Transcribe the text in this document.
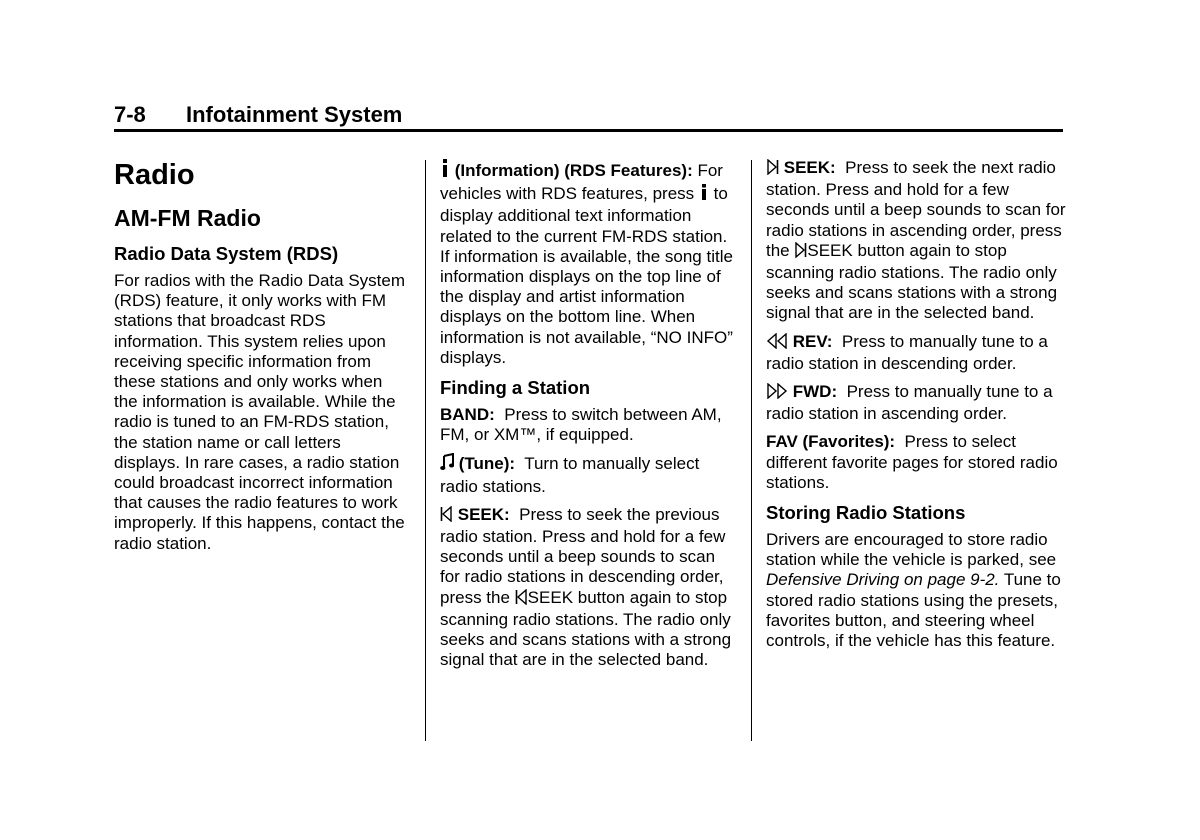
7-8 Infotainment System
Radio
AM-FM Radio
Radio Data System (RDS)

For radios with the Radio Data System (RDS) feature, it only works with FM stations that broadcast RDS information. This system relies upon receiving specific information from these stations and only works when the information is available. While the radio is tuned to an FM-RDS station, the station name or call letters displays. In rare cases, a radio station could broadcast incorrect information that causes the radio features to work improperly. If this happens, contact the radio station.

(Information) (RDS Features): For vehicles with RDS features, press to display additional text information related to the current FM-RDS station. If information is available, the song title information displays on the top line of the display and artist information displays on the bottom line. When information is not available, “NO INFO” displays.

Finding a Station

BAND: Press to switch between AM, FM, or XM™, if equipped.

(Tune): Turn to manually select radio stations.

SEEK: Press to seek the previous radio station. Press and hold for a few seconds until a beep sounds to scan for radio stations in descending order, press the SEEK button again to stop scanning radio stations. The radio only seeks and scans stations with a strong signal that are in the selected band.

SEEK: Press to seek the next radio station. Press and hold for a few seconds until a beep sounds to scan for radio stations in ascending order, press the SEEK button again to stop scanning radio stations. The radio only seeks and scans stations with a strong signal that are in the selected band.

REV: Press to manually tune to a radio station in descending order.

FWD: Press to manually tune to a radio station in ascending order.

FAV (Favorites): Press to select different favorite pages for stored radio stations.

Storing Radio Stations

Drivers are encouraged to store radio station while the vehicle is parked, see Defensive Driving on page 9-2. Tune to stored radio stations using the presets, favorites button, and steering wheel controls, if the vehicle has this feature.
